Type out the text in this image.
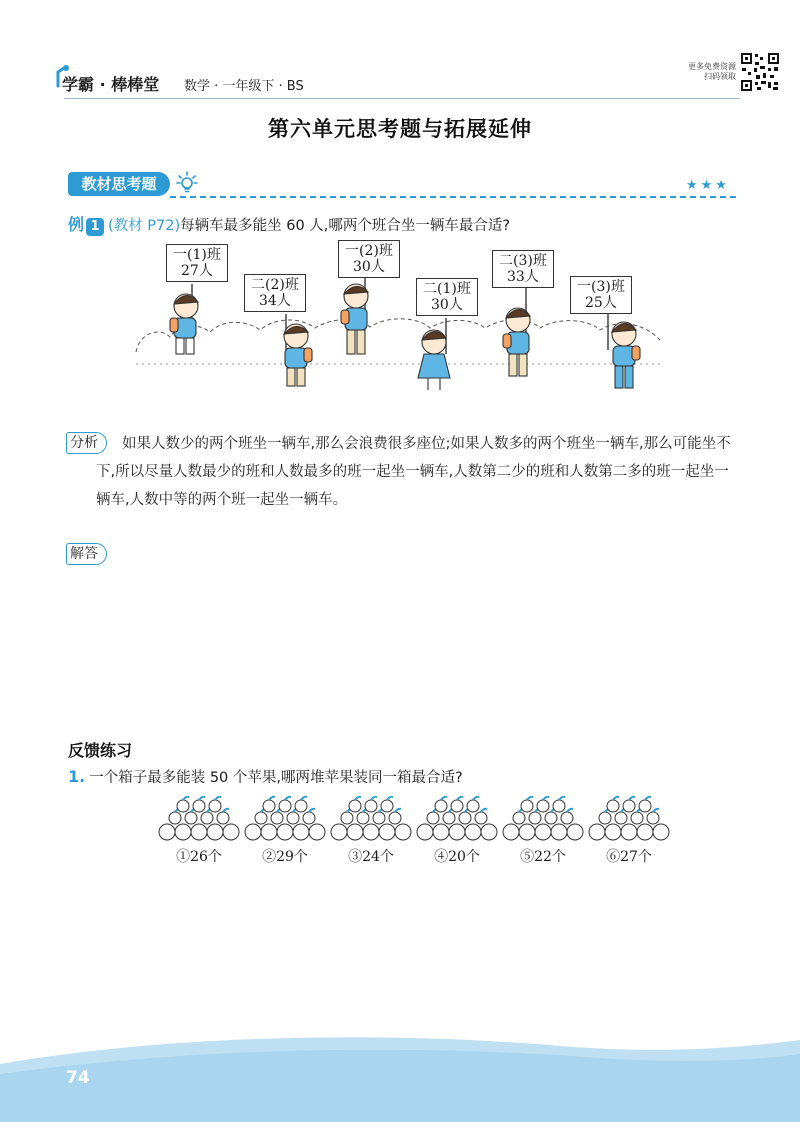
学霸 · 棒棒堂 数学 · 一年级下 · BS
更多免费资源
扫码领取
第六单元思考题与拓展延伸
教材思考题	★★★
例 1 (教材 P72)每辆车最多能坐 60 人,哪两个班合坐一辆车最合适?
一(1)班
27人
二(2)班
34人
一(2)班
30人
二(1)班
30人
二(3)班
33人
一(3)班
25人
分析	如果人数少的两个班坐一辆车,那么会浪费很多座位;如果人数多的两个班坐一辆车,那么可能坐不下,所以尽量人数最少的班和人数最多的班一起坐一辆车,人数第二少的班和人数第二多的班一起坐一辆车,人数中等的两个班一起坐一辆车。
解答
反馈练习
1. 一个箱子最多能装 50 个苹果,哪两堆苹果装同一箱最合适?
①26个	②29个	③24个	④20个	⑤22个	⑥27个
74
